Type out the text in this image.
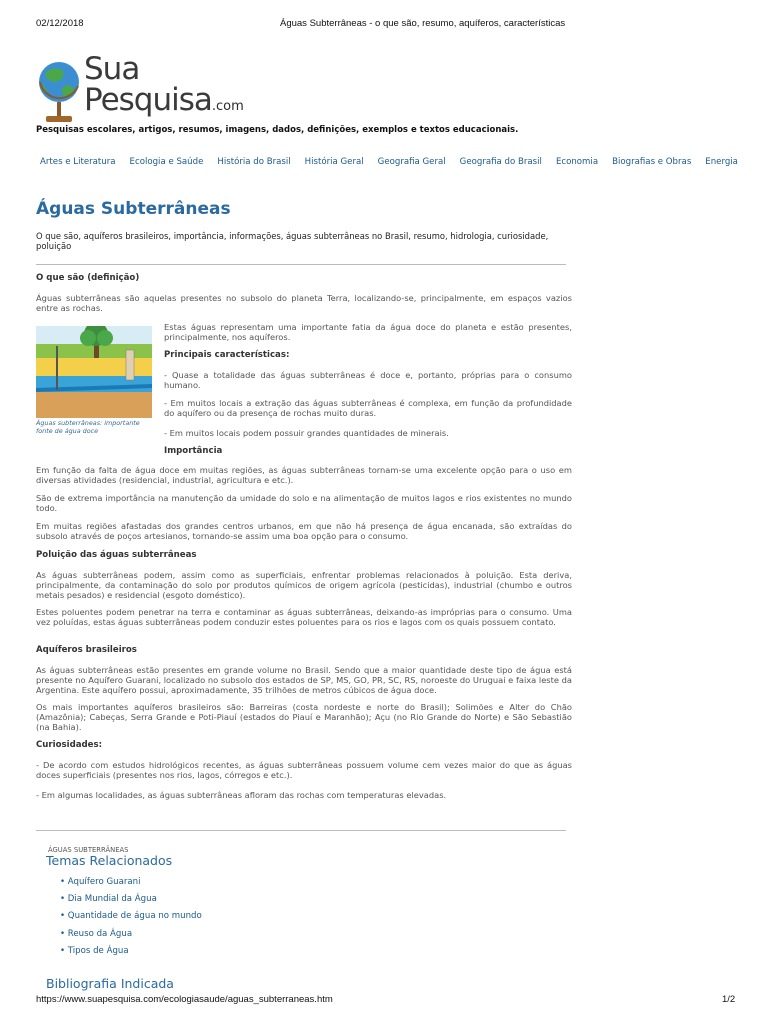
02/12/2018	Águas Subterrâneas - o que são, resumo, aquíferos, características
https://www.suapesquisa.com/ecologiasaude/aguas_subterraneas.htm	1/2
Sua
Pesquisa.com
Pesquisas escolares, artigos, resumos, imagens, dados, definições, exemplos e textos educacionais.
Artes e Literatura Ecologia e Saúde História do Brasil História Geral Geografia Geral Geografia do Brasil Economia Biografias e Obras Energia
Águas Subterrâneas
O que são, aquíferos brasileiros, importância, informações, águas subterrâneas no Brasil, resumo, hidrologia, curiosidade, poluição
O que são (definição)
Águas subterrâneas são aquelas presentes no subsolo do planeta Terra, localizando-se, principalmente, em espaços vazios entre as rochas.
Águas subterrâneas: importante fonte de água doce
Estas águas representam uma importante fatia da água doce do planeta e estão presentes, principalmente, nos aquíferos.
Principais características:
- Quase a totalidade das águas subterrâneas é doce e, portanto, próprias para o consumo humano.
- Em muitos locais a extração das águas subterrâneas é complexa, em função da profundidade do aquífero ou da presença de rochas muito duras.
- Em muitos locais podem possuir grandes quantidades de minerais.
Importância
Em função da falta de água doce em muitas regiões, as águas subterrâneas tornam-se uma excelente opção para o uso em diversas atividades (residencial, industrial, agricultura e etc.).
São de extrema importância na manutenção da umidade do solo e na alimentação de muitos lagos e rios existentes no mundo todo.
Em muitas regiões afastadas dos grandes centros urbanos, em que não há presença de água encanada, são extraídas do subsolo através de poços artesianos, tornando-se assim uma boa opção para o consumo.
Poluição das águas subterrâneas
As águas subterrâneas podem, assim como as superficiais, enfrentar problemas relacionados à poluição. Esta deriva, principalmente, da contaminação do solo por produtos químicos de origem agrícola (pesticidas), industrial (chumbo e outros metais pesados) e residencial (esgoto doméstico).
Estes poluentes podem penetrar na terra e contaminar as águas subterrâneas, deixando-as impróprias para o consumo. Uma vez poluídas, estas águas subterrâneas podem conduzir estes poluentes para os rios e lagos com os quais possuem contato.
Aquíferos brasileiros
As águas subterrâneas estão presentes em grande volume no Brasil. Sendo que a maior quantidade deste tipo de água está presente no Aquífero Guarani, localizado no subsolo dos estados de SP, MS, GO, PR, SC, RS, noroeste do Uruguai e faixa leste da Argentina. Este aquífero possui, aproximadamente, 35 trilhões de metros cúbicos de água doce.
Os mais importantes aquíferos brasileiros são: Barreiras (costa nordeste e norte do Brasil); Solimões e Alter do Chão (Amazônia); Cabeças, Serra Grande e Poti-Piauí (estados do Piauí e Maranhão); Açu (no Rio Grande do Norte) e São Sebastião (na Bahia).
Curiosidades:
- De acordo com estudos hidrológicos recentes, as águas subterrâneas possuem volume cem vezes maior do que as águas doces superficiais (presentes nos rios, lagos, córregos e etc.).
- Em algumas localidades, as águas subterrâneas afloram das rochas com temperaturas elevadas.
ÁGUAS SUBTERRÂNEAS
Temas Relacionados
• Aquífero Guarani
• Dia Mundial da Água
• Quantidade de água no mundo
• Reuso da Água
• Tipos de Água
Bibliografia Indicada
